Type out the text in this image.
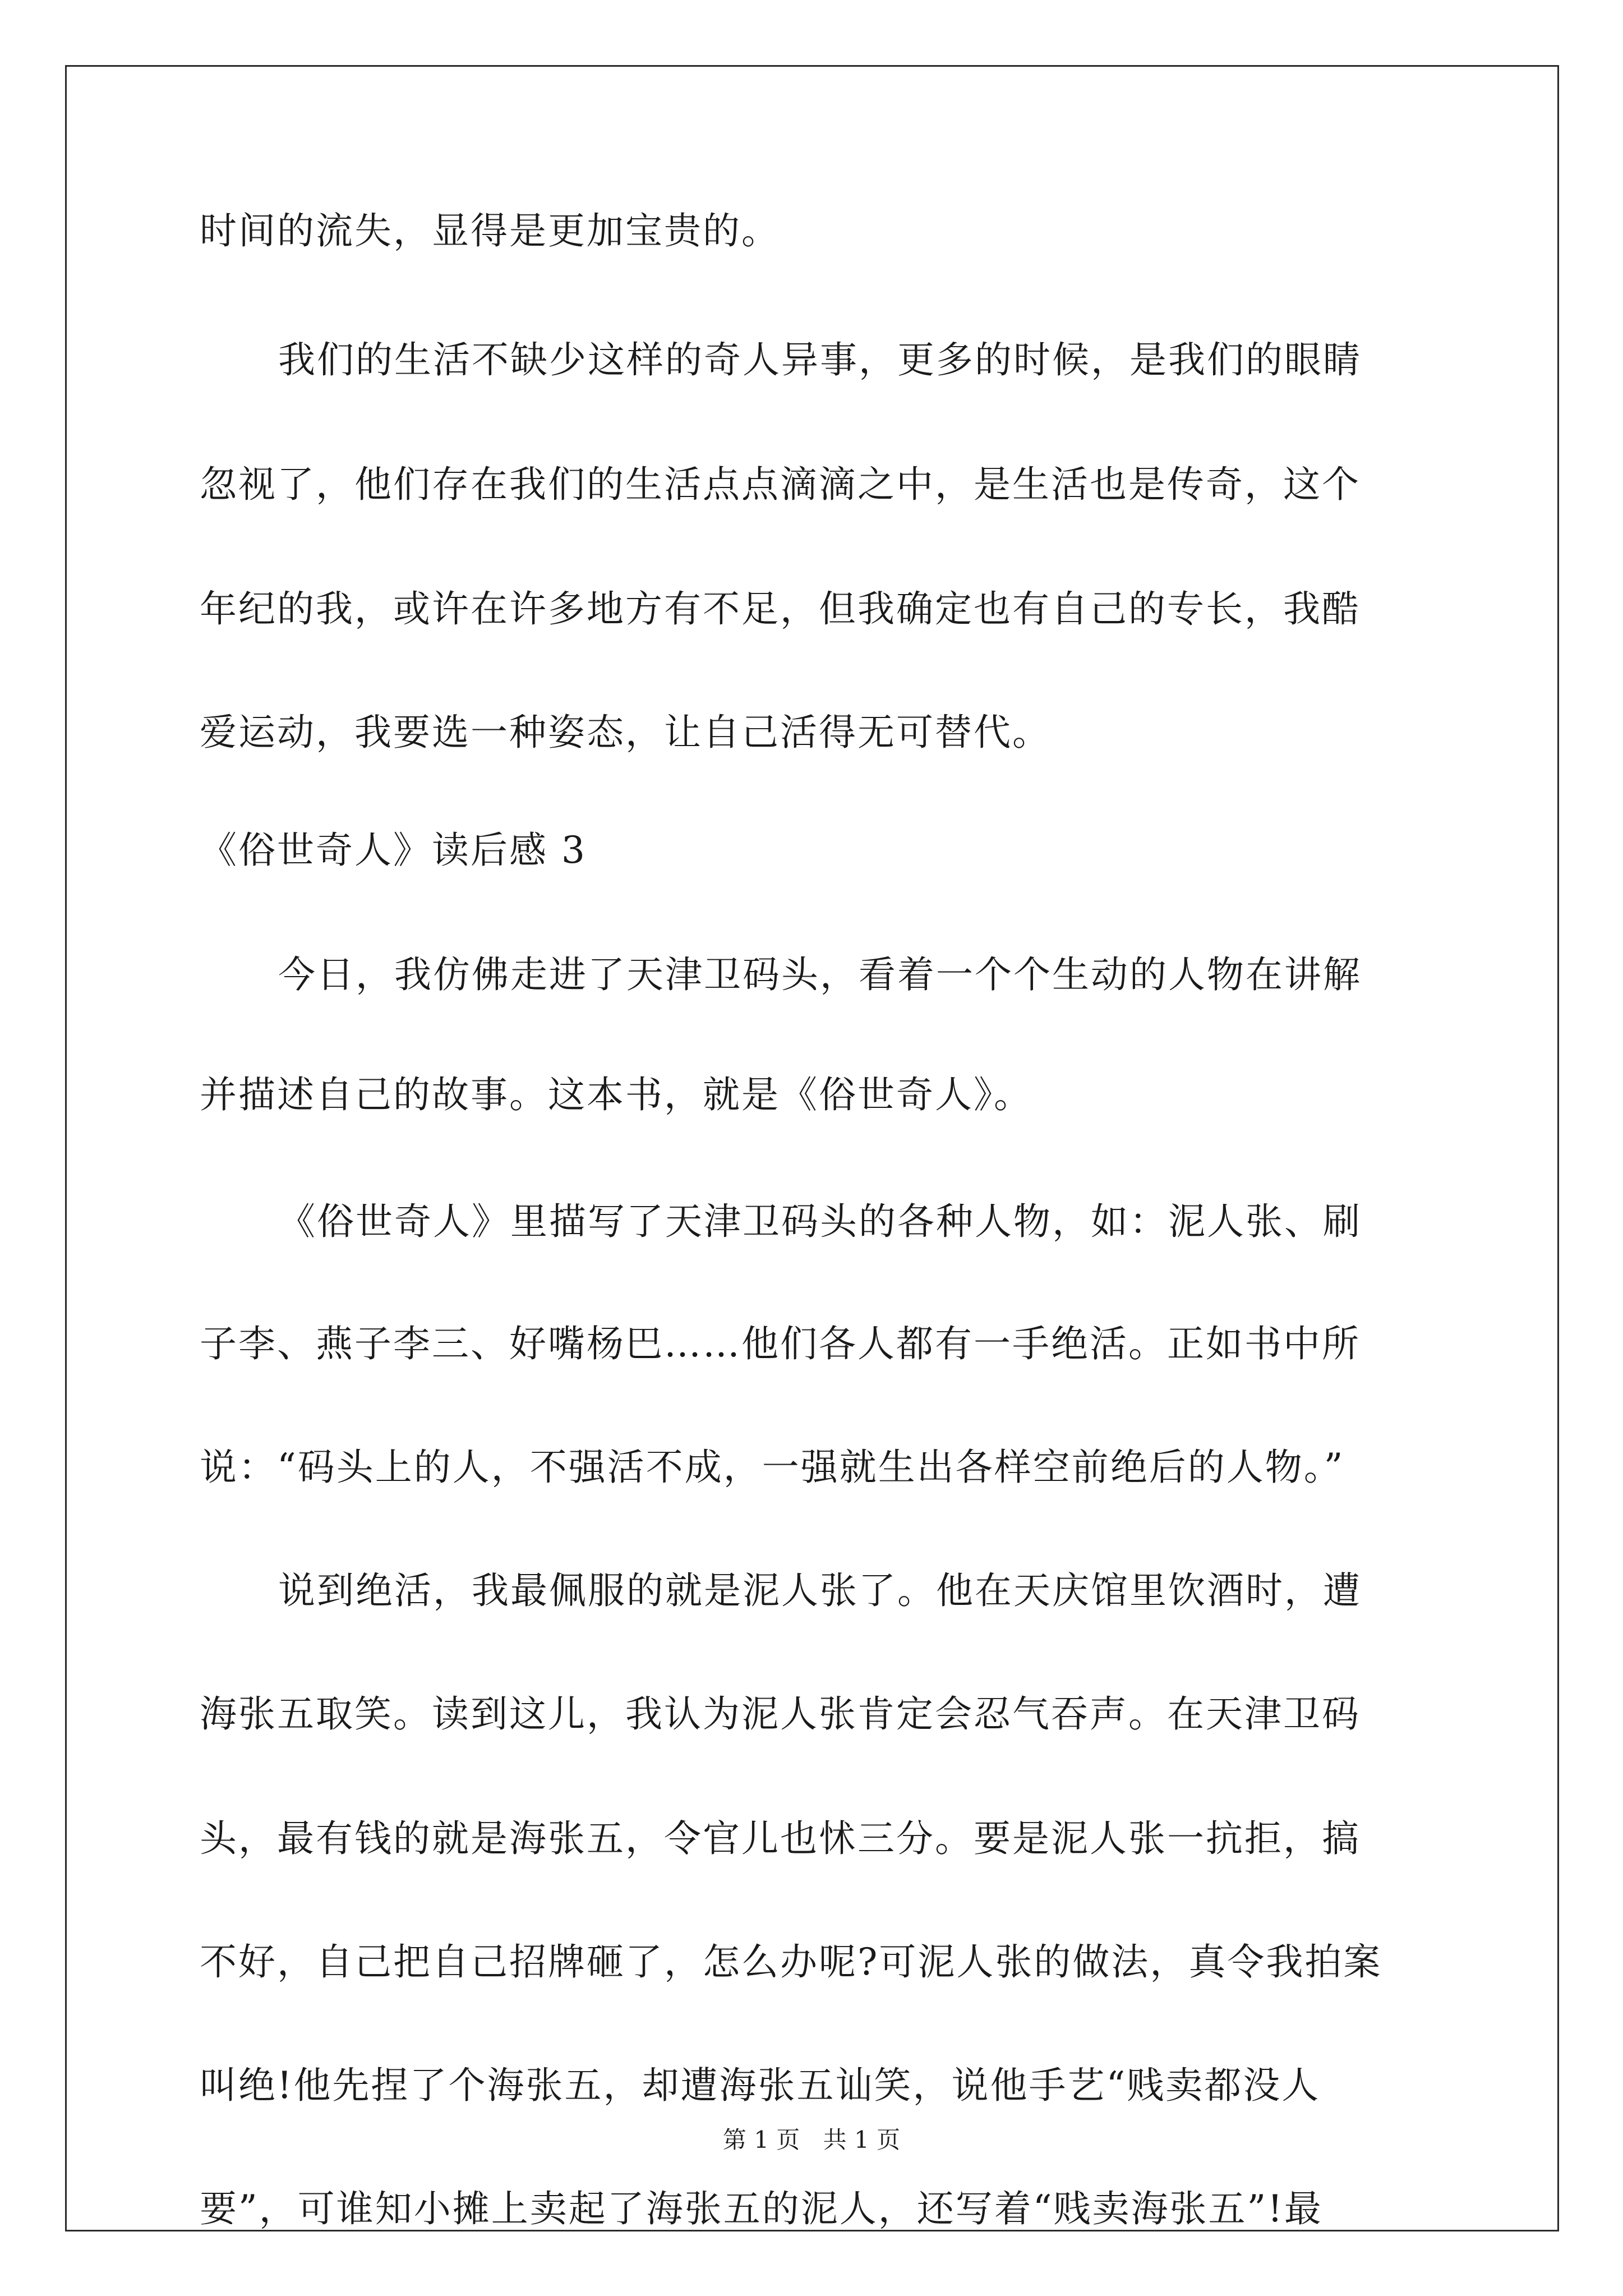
时间的流失，显得是更加宝贵的。
我们的生活不缺少这样的奇人异事，更多的时候，是我们的眼睛
忽视了，他们存在我们的生活点点滴滴之中，是生活也是传奇，这个
年纪的我，或许在许多地方有不足，但我确定也有自己的专长，我酷
爱运动，我要选一种姿态，让自己活得无可替代。
《俗世奇人》读后感 3
今日，我仿佛走进了天津卫码头，看着一个个生动的人物在讲解
并描述自己的故事。这本书，就是《俗世奇人》。
《俗世奇人》里描写了天津卫码头的各种人物，如：泥人张、刷
子李、燕子李三、好嘴杨巴……他们各人都有一手绝活。正如书中所
说：“码头上的人，不强活不成，一强就生出各样空前绝后的人物。”
说到绝活，我最佩服的就是泥人张了。他在天庆馆里饮酒时，遭
海张五取笑。读到这儿，我认为泥人张肯定会忍气吞声。在天津卫码
头，最有钱的就是海张五，令官儿也怵三分。要是泥人张一抗拒，搞
不好，自己把自己招牌砸了，怎么办呢?可泥人张的做法，真令我拍案
叫绝!他先捏了个海张五，却遭海张五讪笑，说他手艺“贱卖都没人
要”，可谁知小摊上卖起了海张五的泥人，还写着“贱卖海张五”!最
第 1 页 共 1 页
